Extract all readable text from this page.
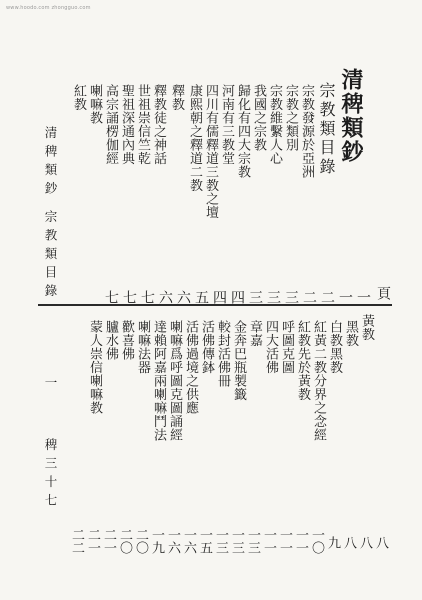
www.hoodo.com zhongguo.com
清稗類鈔
宗教類目錄
宗教發源於亞洲
宗教之類別
宗教維繫人心
我國之宗教
歸化有四大宗教
河南有三教堂
四川有儒釋道三教之壇
康熙朝之釋道二教
釋教
釋教徒之神話
世祖崇信竺乾
聖祖深通內典
高宗誦楞伽經
喇嘛教
紅教
清稗類鈔
宗教類目錄
一
稗三十七
頁
一
一
二
二
三
三
三
四
四
五
六
六
七
七
七
黃教
黑教
白教黑教
紅黃二教分界之念經
紅教先於黃教
呼圖克圖
四大活佛
章嘉
金奔巴瓶製籤
較封活佛冊
活佛傳鉢
活佛過境之供應
喇嘛爲呼圖克圖誦經
達賴阿嘉兩喇嘛鬥法
喇嘛法器
歡喜佛
臚水佛
蒙人崇信喇嘛教
八
八
八
九
一〇
一一
一一
一一
一三
一三
一三
一五
一六
一六
一九
二〇
二〇
二一
二一
二二
